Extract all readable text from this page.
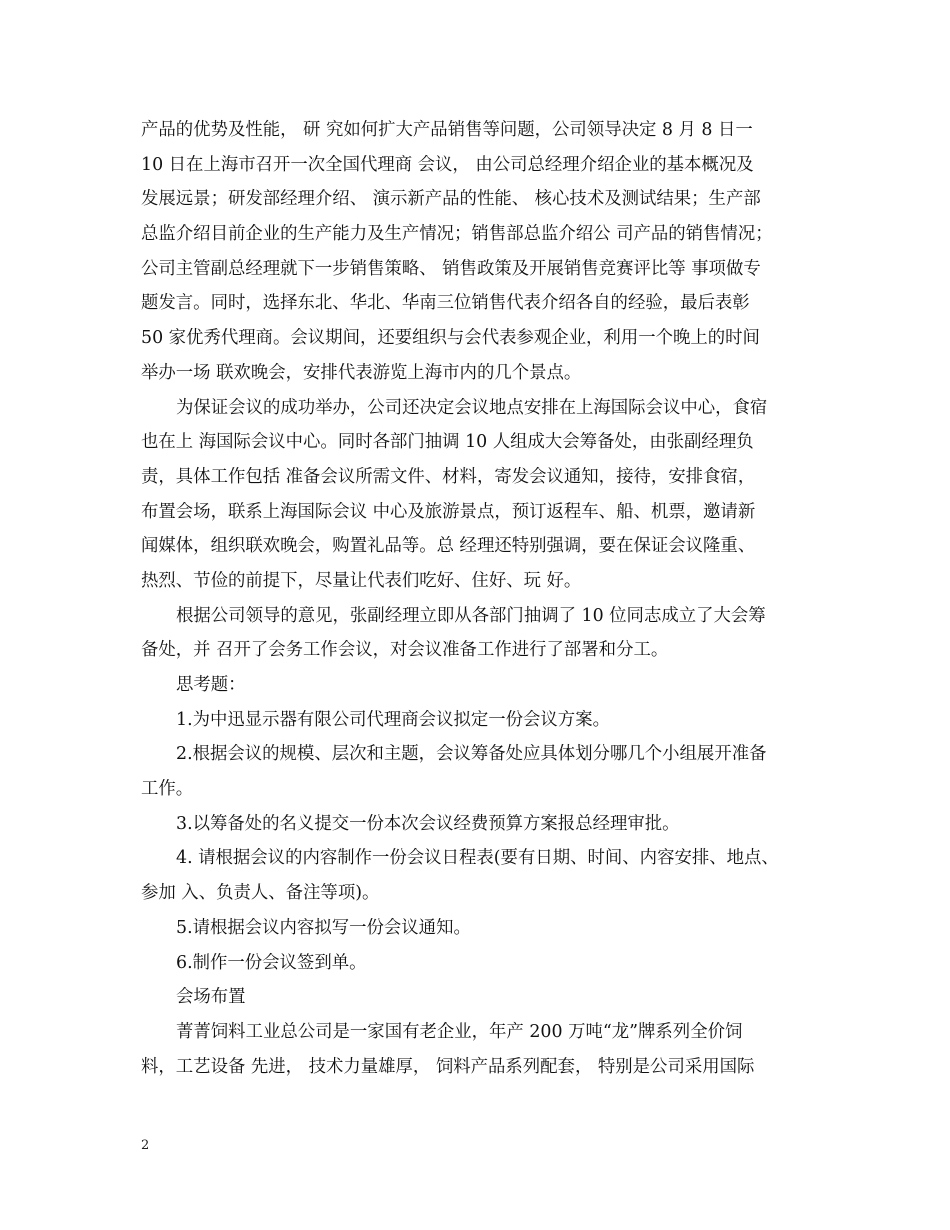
产品的优势及性能， 研 究如何扩大产品销售等问题，公司领导决定 8 月 8 日一
10 日在上海市召开一次全国代理商 会议， 由公司总经理介绍企业的基本概况及
发展远景；研发部经理介绍、 演示新产品的性能、 核心技术及测试结果；生产部
总监介绍目前企业的生产能力及生产情况；销售部总监介绍公 司产品的销售情况；
公司主管副总经理就下一步销售策略、 销售政策及开展销售竞赛评比等 事项做专
题发言。同时，选择东北、华北、华南三位销售代表介绍各自的经验，最后表彰
50 家优秀代理商。会议期间，还要组织与会代表参观企业，利用一个晚上的时间
举办一场 联欢晚会，安排代表游览上海市内的几个景点。
为保证会议的成功举办，公司还决定会议地点安排在上海国际会议中心，食宿
也在上 海国际会议中心。同时各部门抽调 10 人组成大会筹备处，由张副经理负
责，具体工作包括 准备会议所需文件、材料，寄发会议通知，接待，安排食宿，
布置会场，联系上海国际会议 中心及旅游景点，预订返程车、船、机票，邀请新
闻媒体，组织联欢晚会，购置礼品等。总 经理还特别强调，要在保证会议隆重、
热烈、节俭的前提下，尽量让代表们吃好、住好、玩 好。
根据公司领导的意见，张副经理立即从各部门抽调了 10 位同志成立了大会筹
备处，并 召开了会务工作会议，对会议准备工作进行了部署和分工。
思考题：
1.为中迅显示器有限公司代理商会议拟定一份会议方案。
2.根据会议的规模、层次和主题，会议筹备处应具体划分哪几个小组展开准备
工作。
3.以筹备处的名义提交一份本次会议经费预算方案报总经理审批。
4. 请根据会议的内容制作一份会议日程表(要有日期、时间、内容安排、地点、
参加 入、负责人、备注等项)。
5.请根据会议内容拟写一份会议通知。
6.制作一份会议签到单。
会场布置
菁菁饲料工业总公司是一家国有老企业，年产 200 万吨“龙”牌系列全价饲
料，工艺设备 先进， 技术力量雄厚， 饲料产品系列配套， 特别是公司采用国际
2
